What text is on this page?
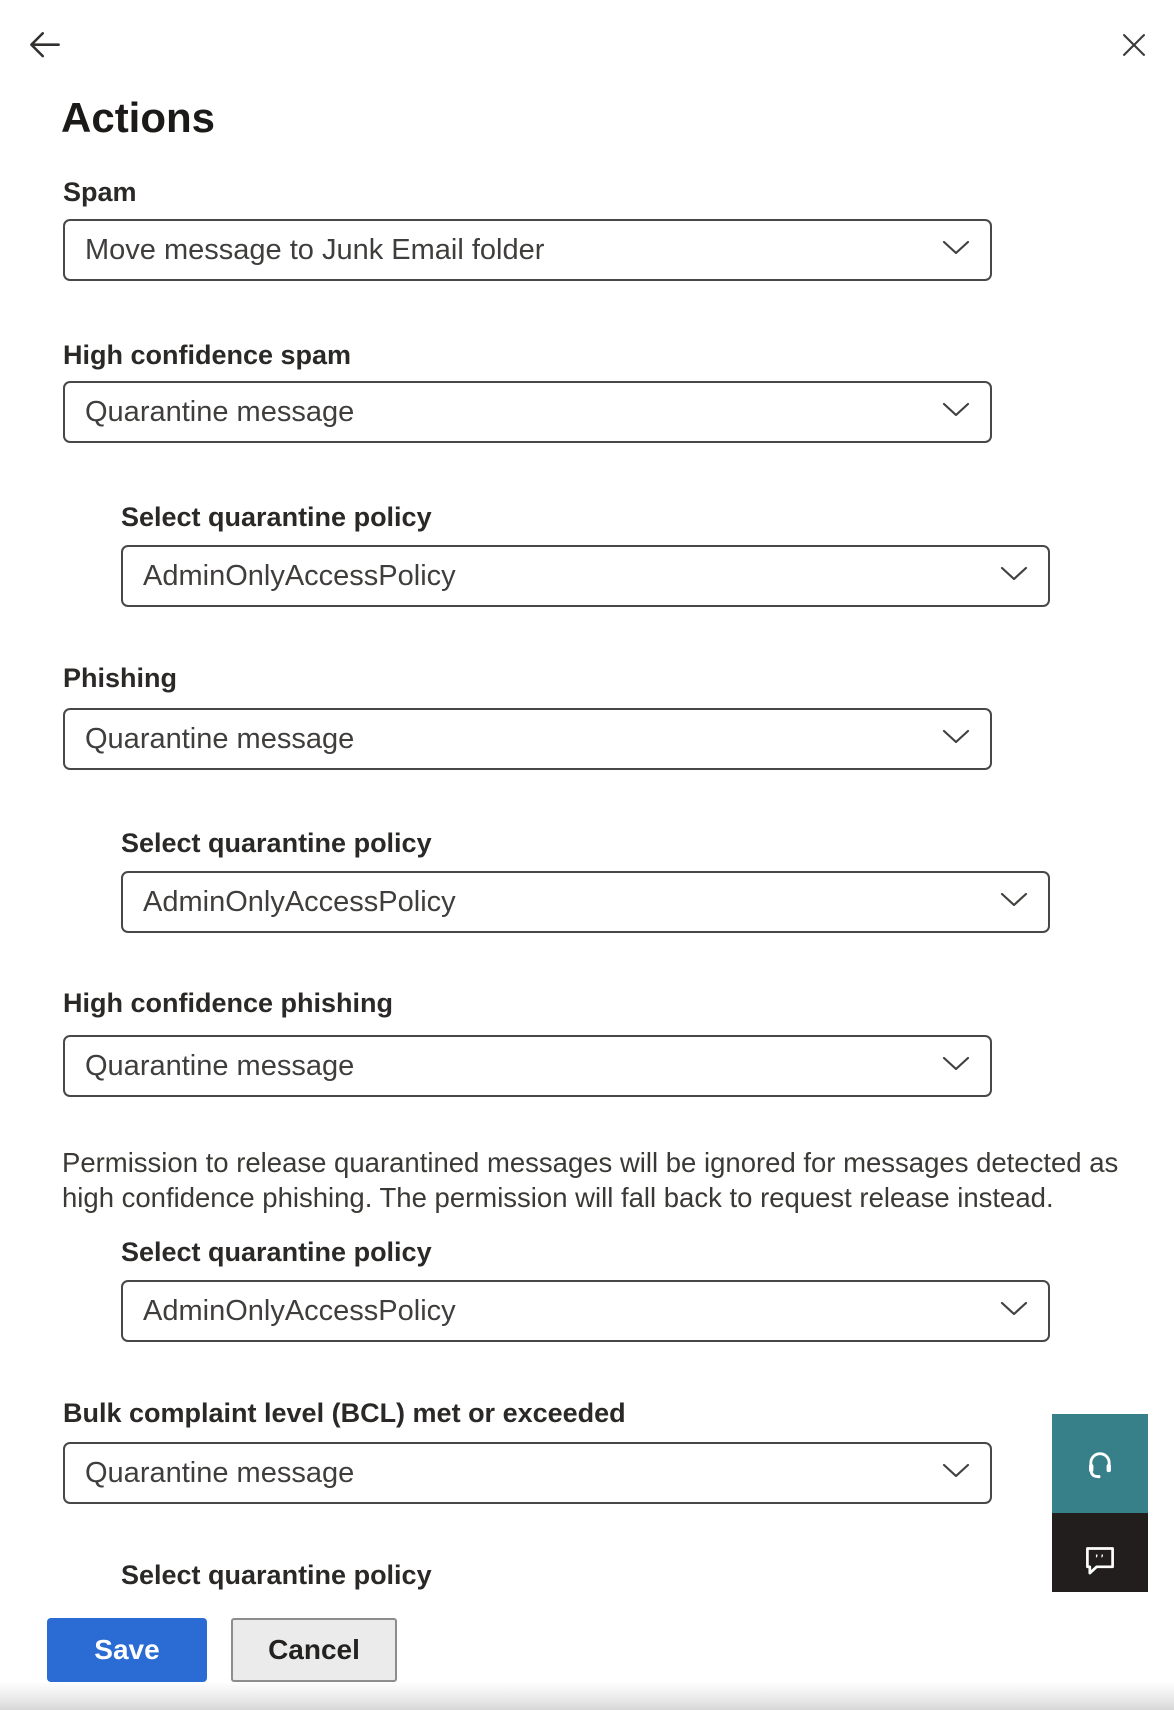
Actions
Spam
Move message to Junk Email folder
High confidence spam
Quarantine message
Select quarantine policy
AdminOnlyAccessPolicy
Phishing
Quarantine message
Select quarantine policy
AdminOnlyAccessPolicy
High confidence phishing
Quarantine message
Permission to release quarantined messages will be ignored for messages detected as
high confidence phishing. The permission will fall back to request release instead.
Select quarantine policy
AdminOnlyAccessPolicy
Bulk complaint level (BCL) met or exceeded
Quarantine message
Select quarantine policy
Save	Cancel
